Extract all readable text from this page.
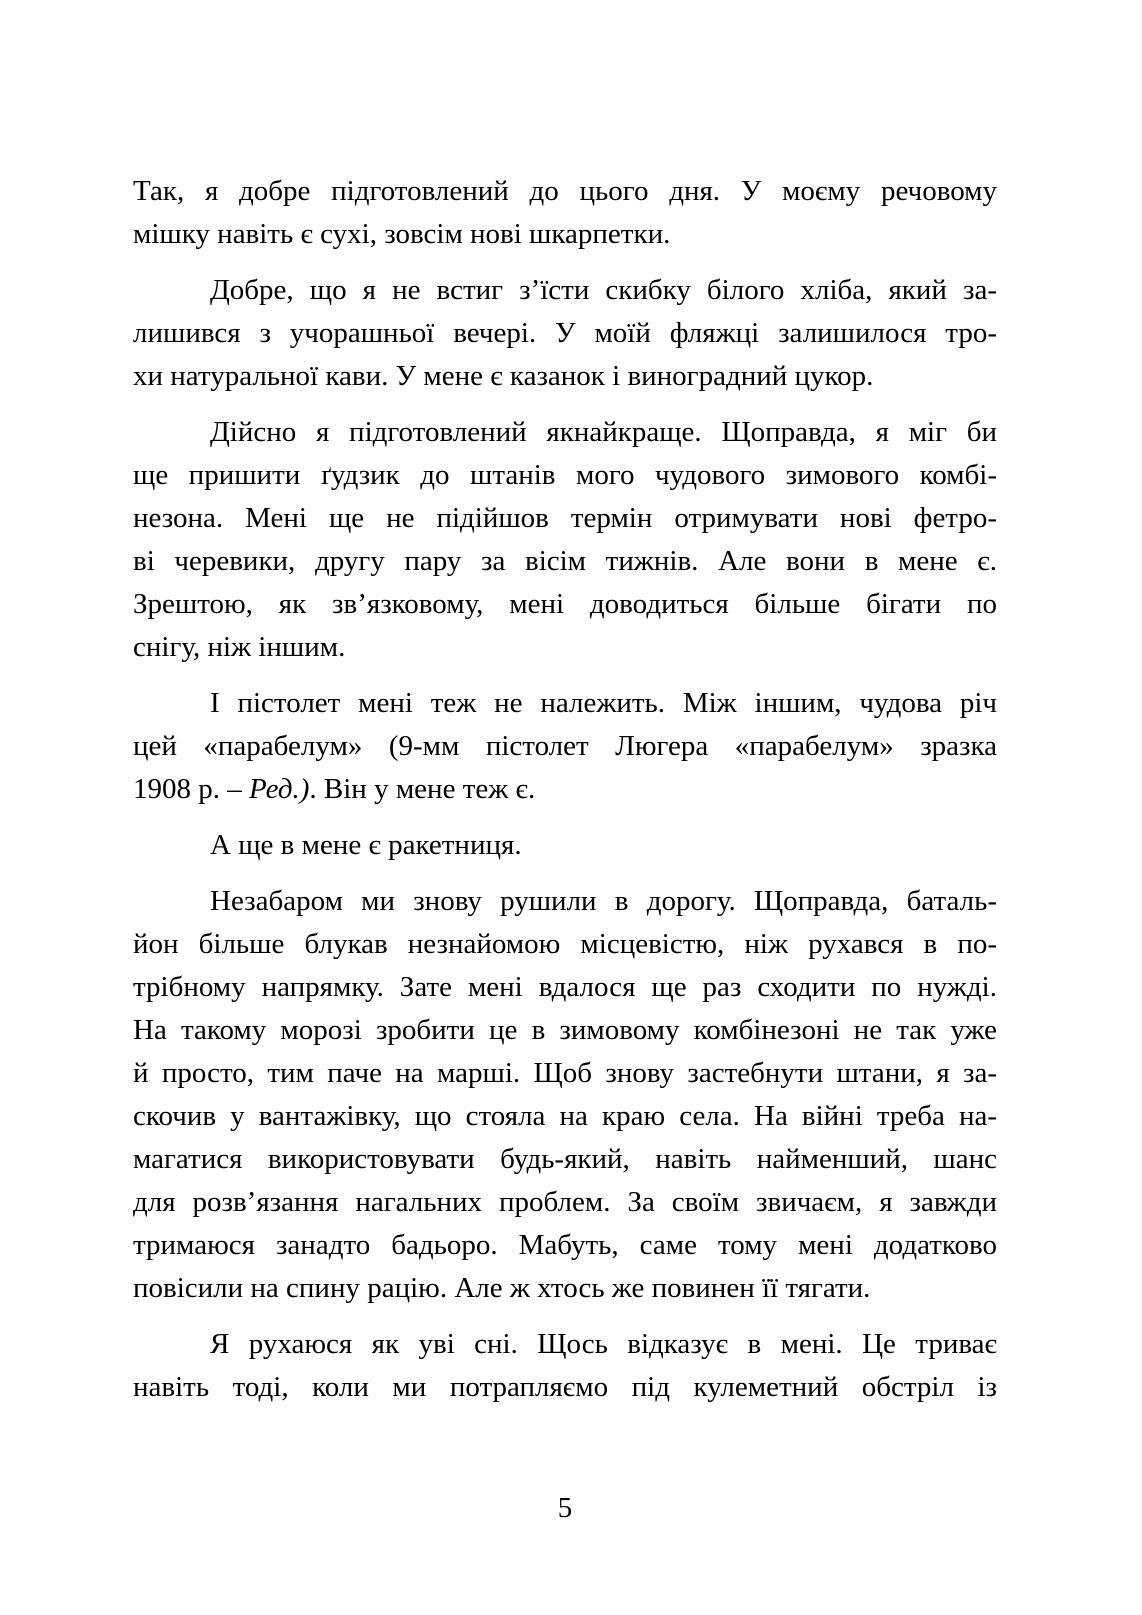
Так, я добре підготовлений до цього дня. У моєму речовому
мішку навіть є сухі, зовсім нові шкарпетки.
Добре, що я не встиг з’їсти скибку білого хліба, який за-
лишився з учорашньої вечері. У моїй фляжці залишилося тро-
хи натуральної кави. У мене є казанок і виноградний цукор.
Дійсно я підготовлений якнайкраще. Щоправда, я міг би
ще пришити ґудзик до штанів мого чудового зимового комбі-
незона. Мені ще не підійшов термін отримувати нові фетро-
ві черевики, другу пару за вісім тижнів. Але вони в мене є.
Зрештою, як зв’язковому, мені доводиться більше бігати по
снігу, ніж іншим.
І пістолет мені теж не належить. Між іншим, чудова річ
цей «парабелум» (9-мм пістолет Люгера «парабелум» зразка
1908 р. – Ред.). Він у мене теж є.
А ще в мене є ракетниця.
Незабаром ми знову рушили в дорогу. Щоправда, баталь-
йон більше блукав незнайомою місцевістю, ніж рухався в по-
трібному напрямку. Зате мені вдалося ще раз сходити по нужді.
На такому морозі зробити це в зимовому комбінезоні не так уже
й просто, тим паче на марші. Щоб знову застебнути штани, я за-
скочив у вантажівку, що стояла на краю села. На війні треба на-
магатися використовувати будь-який, навіть найменший, шанс
для розв’язання нагальних проблем. За своїм звичаєм, я завжди
тримаюся занадто бадьоро. Мабуть, саме тому мені додатково
повісили на спину рацію. Але ж хтось же повинен її тягати.
Я рухаюся як уві сні. Щось відказує в мені. Це триває
навіть тоді, коли ми потрапляємо під кулеметний обстріл із
5
